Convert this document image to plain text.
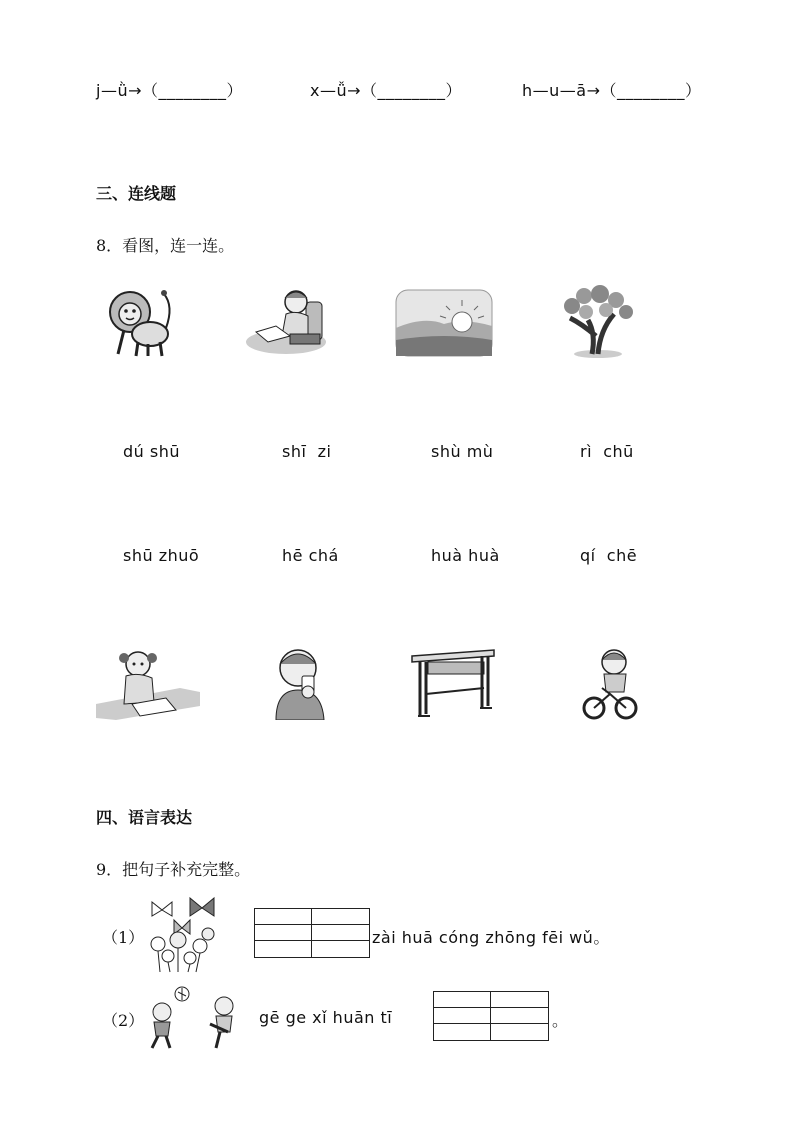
j—ǜ→（________）	x—ǚ→（________）	h—u—ā→（________）
三、连线题
8．看图，连一连。
dú shū	shī  zi	shù mù	rì  chū
shū zhuō	hē chá	huà huà	qí  chē
四、语言表达
9．把句子补充完整。
（1）	zài huā cóng zhōng fēi wǔ。
（2）	gē ge xǐ huān tī	。
